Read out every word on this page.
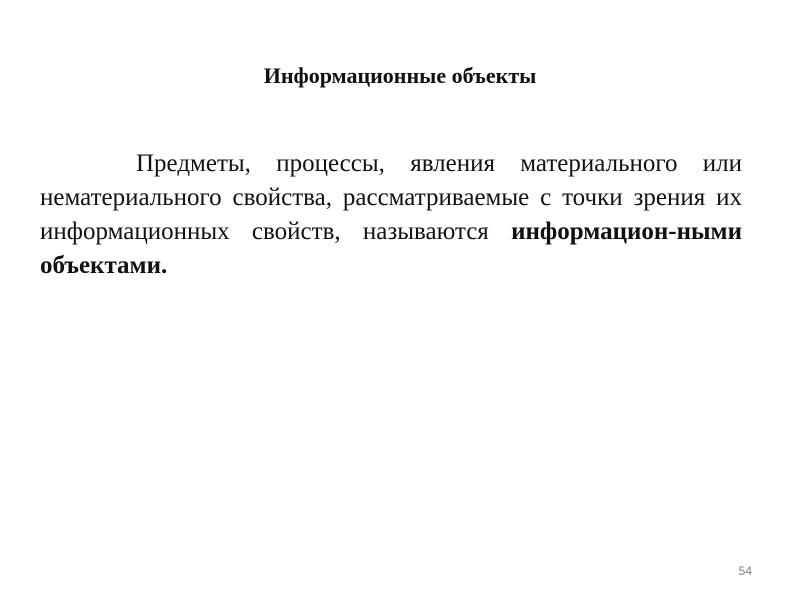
Информационные объекты

Предметы, процессы, явления материального или нематериального свойства, рассматриваемые с точки зрения их информационных свойств, называются информацион-ными объектами.

54
